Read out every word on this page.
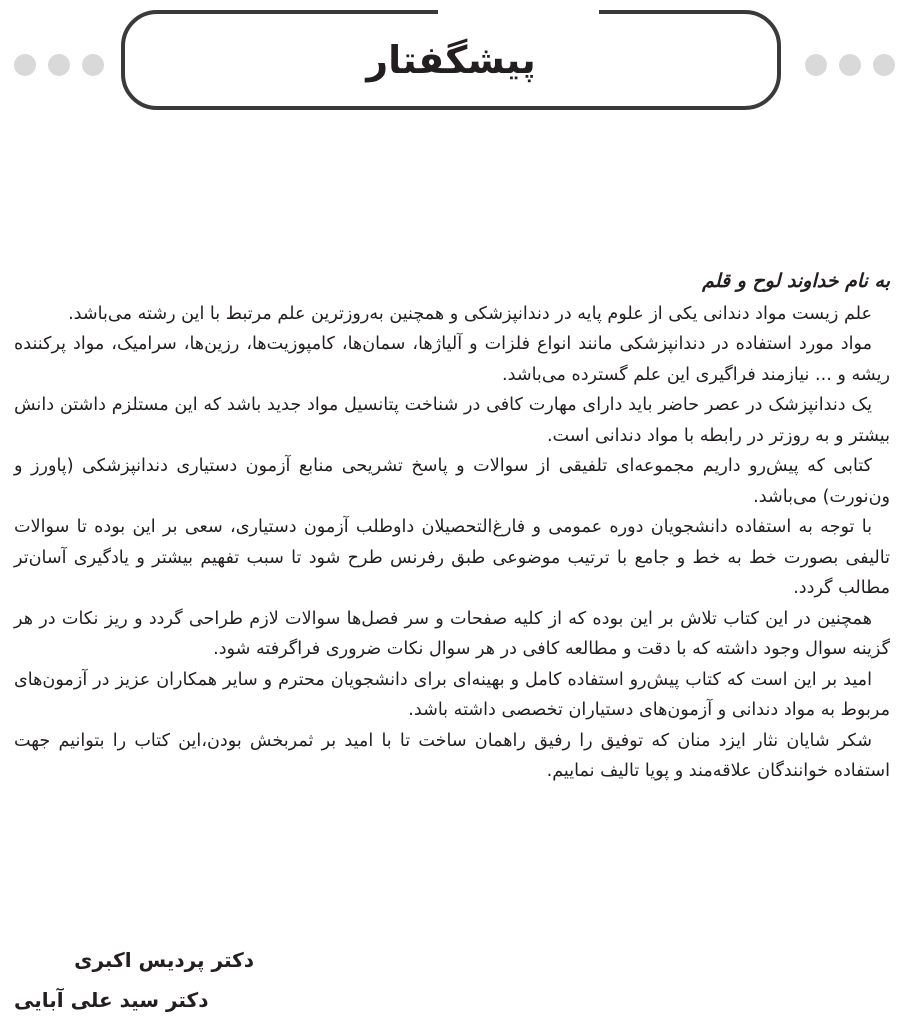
پیشگفتار

به نام خداوند لوح و قلم

علم زیست مواد دندانی یکی از علوم پایه در دندانپزشکی و همچنین به‌روزترین علم مرتبط با این رشته می‌باشد.

مواد مورد استفاده در دندانپزشکی مانند انواع فلزات و آلیاژها، سمان‌ها، کامپوزیت‌ها، رزین‌ها، سرامیک، مواد پرکننده ریشه و ... نیازمند فراگیری این علم گسترده می‌باشد.

یک دندانپزشک در عصر حاضر باید دارای مهارت کافی در شناخت پتانسیل مواد جدید باشد که این مستلزم داشتن دانش بیشتر و به روزتر در رابطه با مواد دندانی است.

کتابی که پیش‌رو داریم مجموعه‌ای تلفیقی از سوالات و پاسخ تشریحی منابع آزمون دستیاری دندانپزشکی (پاورز و ون‌نورت) می‌باشد.

با توجه به استفاده دانشجویان دوره عمومی و فارغ‌التحصیلان داوطلب آزمون دستیاری، سعی بر این بوده تا سوالات تالیفی بصورت خط به خط و جامع با ترتیب موضوعی طبق رفرنس طرح شود تا سبب تفهیم بیشتر و یادگیری آسان‌تر مطالب گردد.

همچنین در این کتاب تلاش بر این بوده که از کلیه صفحات و سر فصل‌ها سوالات لازم طراحی گردد و ریز نکات در هر گزینه سوال وجود داشته که با دقت و مطالعه کافی در هر سوال نکات ضروری فراگرفته شود.

امید بر این است که کتاب پیش‌رو استفاده کامل و بهینه‌ای برای دانشجویان محترم و سایر همکاران عزیز در آزمون‌های مربوط به مواد دندانی و آزمون‌های دستیاران تخصصی داشته باشد.

شکر شایان نثار ایزد منان که توفیق را رفیق راهمان ساخت تا با امید بر ثمربخش بودن،این کتاب را بتوانیم جهت استفاده خوانندگان علاقه‌مند و پویا تالیف نماییم.

دکتر پردیس اکبری

دکتر سید علی آبایی
